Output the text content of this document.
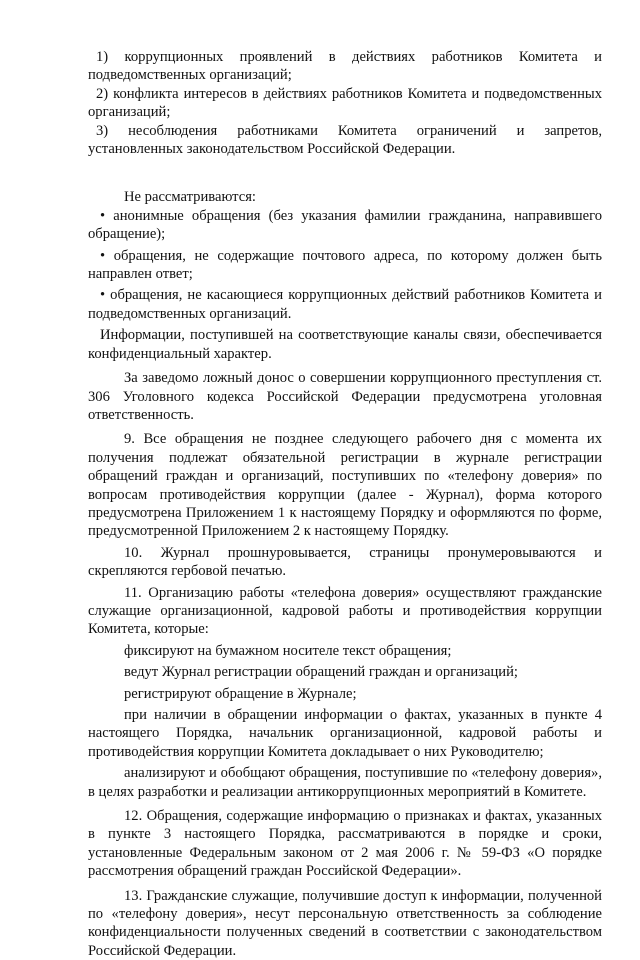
1) коррупционных проявлений в действиях работников Комитета и подведомственных организаций;

2) конфликта интересов в действиях работников Комитета и подведомственных организаций;

3) несоблюдения работниками Комитета ограничений и запретов, установленных законодательством Российской Федерации.

Не рассматриваются:

• анонимные обращения (без указания фамилии гражданина, направившего обращение);

• обращения, не содержащие почтового адреса, по которому должен быть направлен ответ;

• обращения, не касающиеся коррупционных действий работников Комитета и подведомственных организаций.

Информации, поступившей на соответствующие каналы связи, обеспечивается конфиденциальный характер.

За заведомо ложный донос о совершении коррупционного преступления ст. 306 Уголовного кодекса Российской Федерации предусмотрена уголовная ответственность.

9. Все обращения не позднее следующего рабочего дня с момента их получения подлежат обязательной регистрации в журнале регистрации обращений граждан и организаций, поступивших по «телефону доверия» по вопросам противодействия коррупции (далее - Журнал), форма которого предусмотрена Приложением 1 к настоящему Порядку и оформляются по форме, предусмотренной Приложением 2 к настоящему Порядку.

10. Журнал прошнуровывается, страницы пронумеровываются и скрепляются гербовой печатью.

11. Организацию работы «телефона доверия» осуществляют гражданские служащие организационной, кадровой работы и противодействия коррупции Комитета, которые:

фиксируют на бумажном носителе текст обращения;

ведут Журнал регистрации обращений граждан и организаций;

регистрируют обращение в Журнале;

при наличии в обращении информации о фактах, указанных в пункте 4 настоящего Порядка, начальник организационной, кадровой работы и противодействия коррупции Комитета докладывает о них Руководителю;

анализируют и обобщают обращения, поступившие по «телефону доверия», в целях разработки и реализации антикоррупционных мероприятий в Комитете.

12. Обращения, содержащие информацию о признаках и фактах, указанных в пункте 3 настоящего Порядка, рассматриваются в порядке и сроки, установленные Федеральным законом от 2 мая 2006 г. № 59-ФЗ «О порядке рассмотрения обращений граждан Российской Федерации».

13. Гражданские служащие, получившие доступ к информации, полученной по «телефону доверия», несут персональную ответственность за соблюдение конфиденциальности полученных сведений в соответствии с законодательством Российской Федерации.
